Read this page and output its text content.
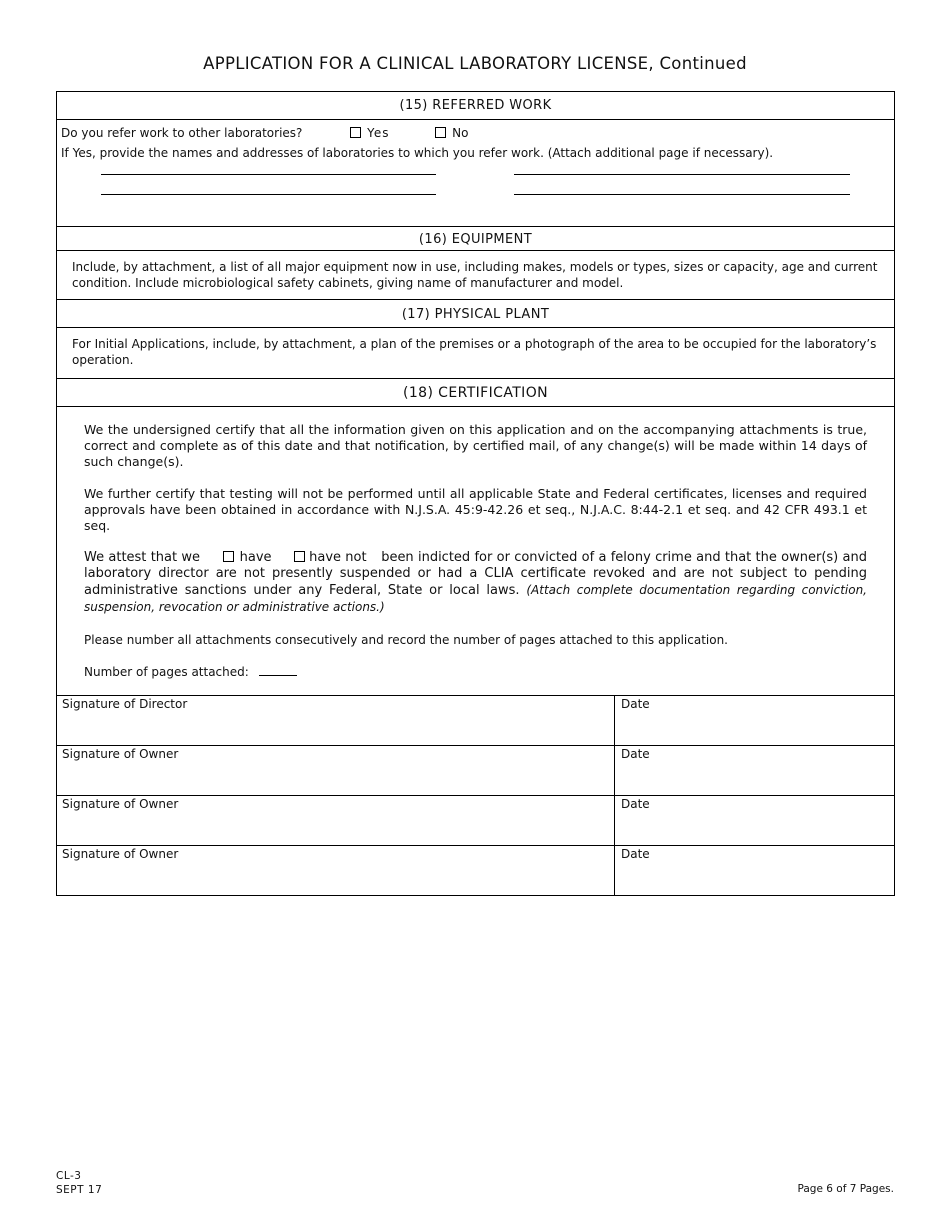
APPLICATION FOR A CLINICAL LABORATORY LICENSE, Continued
(15) REFERRED WORK
Do you refer work to other laboratories?	Yes	No
If Yes, provide the names and addresses of laboratories to which you refer work. (Attach additional page if necessary).
(16) EQUIPMENT
Include, by attachment, a list of all major equipment now in use, including makes, models or types, sizes or capacity, age and current condition. Include microbiological safety cabinets, giving name of manufacturer and model.
(17) PHYSICAL PLANT
For Initial Applications, include, by attachment, a plan of the premises or a photograph of the area to be occupied for the laboratory’s operation.
(18) CERTIFICATION

We the undersigned certify that all the information given on this application and on the accompanying attachments is true, correct and complete as of this date and that notification, by certified mail, of any change(s) will be made within 14 days of such change(s).

We further certify that testing will not be performed until all applicable State and Federal certificates, licenses and required approvals have been obtained in accordance with N.J.S.A. 45:9-42.26 et seq., N.J.A.C. 8:44-2.1 et seq. and 42 CFR 493.1 et seq.

We attest that we	have	have not been indicted for or convicted of a felony crime and that the owner(s) and laboratory director are not presently suspended or had a CLIA certificate revoked and are not subject to pending administrative sanctions under any Federal, State or local laws. (Attach complete documentation regarding conviction, suspension, revocation or administrative actions.)

Please number all attachments consecutively and record the number of pages attached to this application.

Number of pages attached:
Signature of Director	Date
Signature of Owner	Date
Signature of Owner	Date
Signature of Owner	Date
CL-3
SEPT 17	Page 6 of 7 Pages.
